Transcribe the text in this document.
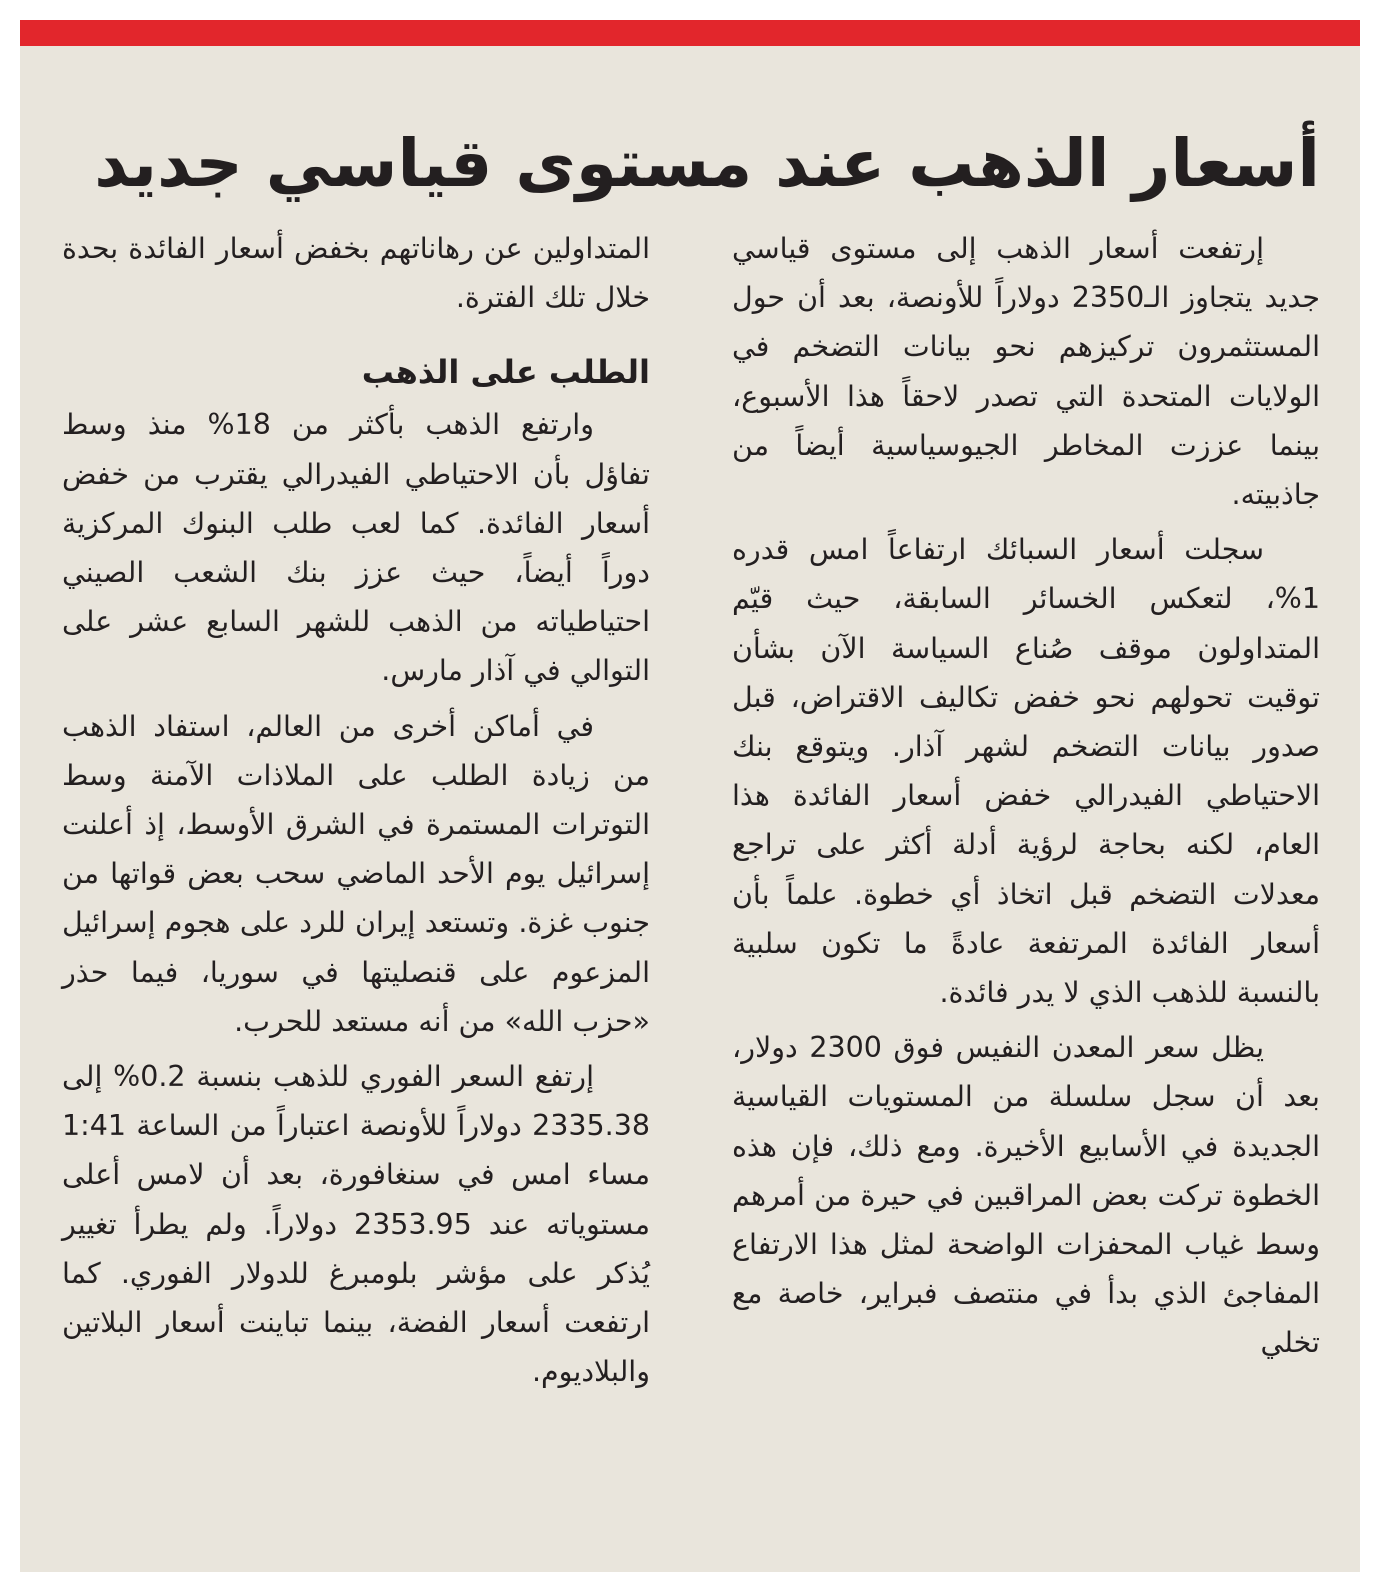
أسعار الذهب عند مستوى قياسي جديد

إرتفعت أسعار الذهب إلى مستوى قياسي جديد يتجاوز الـ2350 دولاراً للأونصة، بعد أن حول المستثمرون تركيزهم نحو بيانات التضخم في الولايات المتحدة التي تصدر لاحقاً هذا الأسبوع، بينما عززت المخاطر الجيوسياسية أيضاً من جاذبيته.

سجلت أسعار السبائك ارتفاعاً امس قدره 1%، لتعكس الخسائر السابقة، حيث قيّم المتداولون موقف صُناع السياسة الآن بشأن توقيت تحولهم نحو خفض تكاليف الاقتراض، قبل صدور بيانات التضخم لشهر آذار. ويتوقع بنك الاحتياطي الفيدرالي خفض أسعار الفائدة هذا العام، لكنه بحاجة لرؤية أدلة أكثر على تراجع معدلات التضخم قبل اتخاذ أي خطوة. علماً بأن أسعار الفائدة المرتفعة عادةً ما تكون سلبية بالنسبة للذهب الذي لا يدر فائدة.

يظل سعر المعدن النفيس فوق 2300 دولار، بعد أن سجل سلسلة من المستويات القياسية الجديدة في الأسابيع الأخيرة. ومع ذلك، فإن هذه الخطوة تركت بعض المراقبين في حيرة من أمرهم وسط غياب المحفزات الواضحة لمثل هذا الارتفاع المفاجئ الذي بدأ في منتصف فبراير، خاصة مع تخلي

المتداولين عن رهاناتهم بخفض أسعار الفائدة بحدة خلال تلك الفترة.

الطلب على الذهب

وارتفع الذهب بأكثر من 18% منذ وسط تفاؤل بأن الاحتياطي الفيدرالي يقترب من خفض أسعار الفائدة. كما لعب طلب البنوك المركزية دوراً أيضاً، حيث عزز بنك الشعب الصيني احتياطياته من الذهب للشهر السابع عشر على التوالي في آذار مارس.

في أماكن أخرى من العالم، استفاد الذهب من زيادة الطلب على الملاذات الآمنة وسط التوترات المستمرة في الشرق الأوسط، إذ أعلنت إسرائيل يوم الأحد الماضي سحب بعض قواتها من جنوب غزة. وتستعد إيران للرد على هجوم إسرائيل المزعوم على قنصليتها في سوريا، فيما حذر «حزب الله» من أنه مستعد للحرب.

إرتفع السعر الفوري للذهب بنسبة 0.2% إلى 2335.38 دولاراً للأونصة اعتباراً من الساعة 1:41 مساء امس في سنغافورة، بعد أن لامس أعلى مستوياته عند 2353.95 دولاراً. ولم يطرأ تغيير يُذكر على مؤشر بلومبرغ للدولار الفوري. كما ارتفعت أسعار الفضة، بينما تباينت أسعار البلاتين والبلاديوم.
